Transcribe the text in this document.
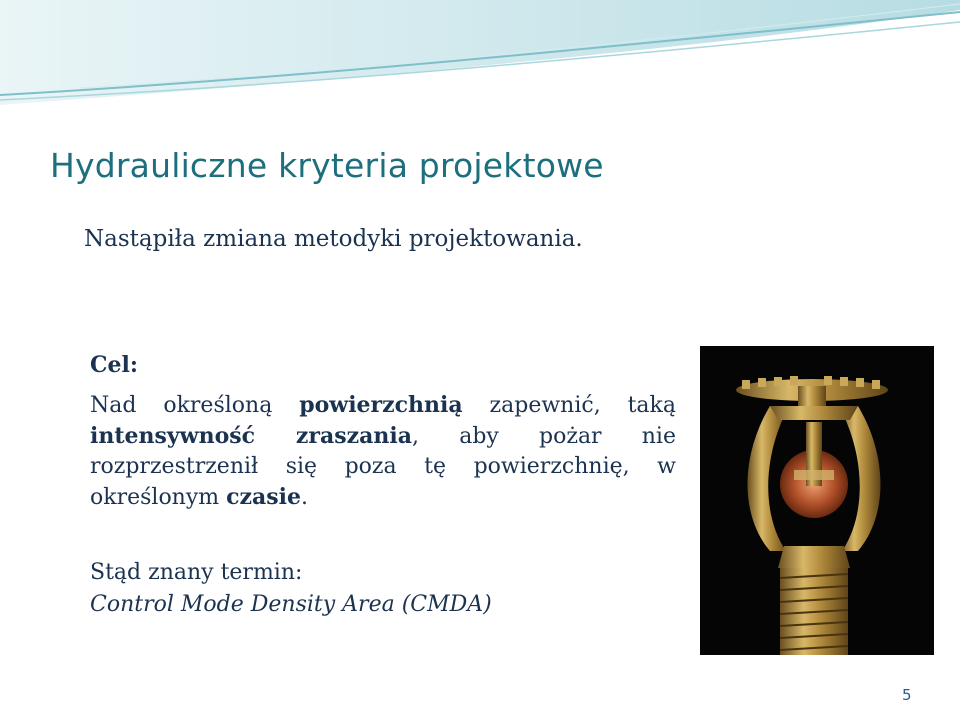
Hydrauliczne kryteria projektowe
Nastąpiła zmiana metodyki projektowania.
Cel:
Nad określoną powierzchnią zapewnić, taką intensywność zraszania, aby pożar nie rozprzestrzenił się poza tę powierzchnię, w określonym czasie.
Stąd znany termin:
Control Mode Density Area (CMDA)
5
